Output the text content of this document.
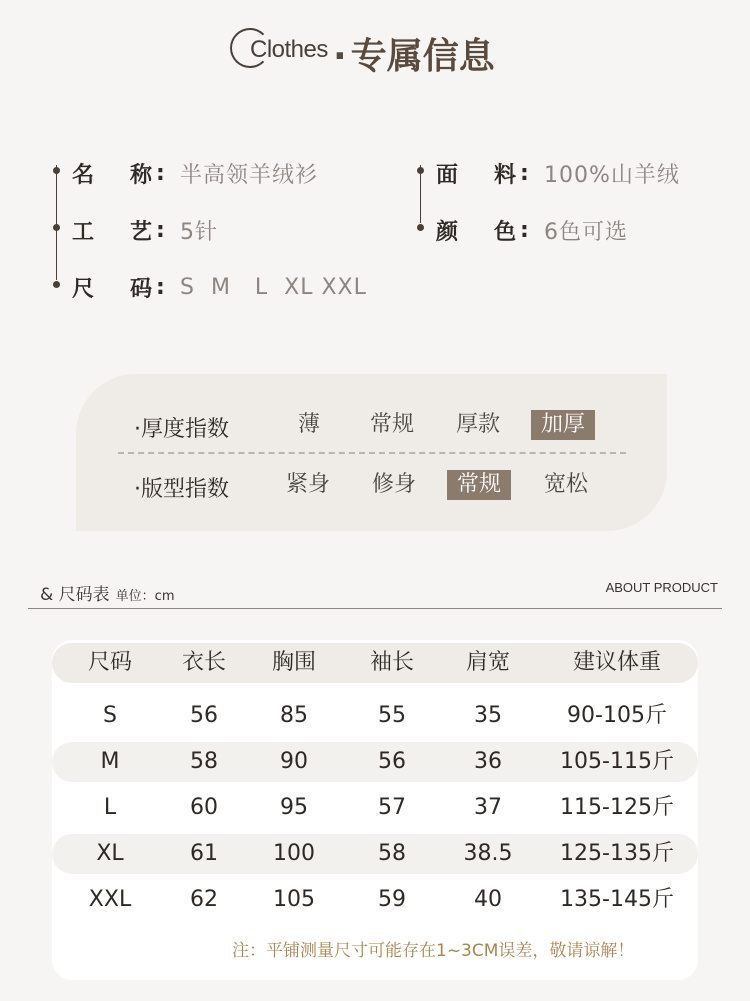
Clothes · 专属信息
名 称 : 半高领羊绒衫
工 艺 : 5针
尺 码 : S  M   L  XL XXL
面 料 : 100%山羊绒
颜 色 : 6色可选
·厚度指数	薄	常规	厚款	加厚
·版型指数	紧身	修身	常规	宽松
& 尺码表 单位：cm
ABOUT PRODUCT
尺码	衣长	胸围	袖长	肩宽	建议体重
S	56	85	55	35	90-105斤
M	58	90	56	36	105-115斤
L	60	95	57	37	115-125斤
XL	61	100	58	38.5	125-135斤
XXL	62	105	59	40	135-145斤
注：平铺测量尺寸可能存在1~3CM误差，敬请谅解！
